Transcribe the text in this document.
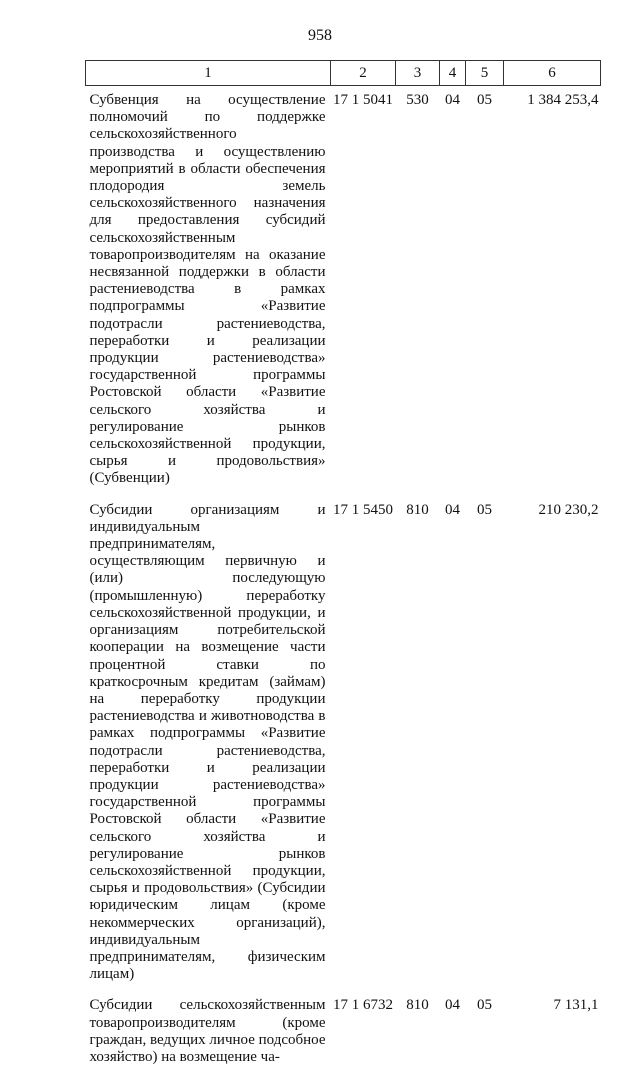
958
1	2	3	4	5	6
Субвенция на осуществление полномочий по поддержке сельскохозяйственного производства и осуществлению мероприятий в области обеспечения плодородия земель сельскохозяйственного назначения для предоставления субсидий сельскохозяйственным товаропроизводителям на оказание несвязанной поддержки в области растениеводства в рамках подпрограммы «Развитие подотрасли растениеводства, переработки и реализации продукции растениеводства» государственной программы Ростовской области «Развитие сельского хозяйства и регулирование рынков сельскохозяйственной продукции, сырья и продовольствия» (Субвенции)	17 1 5041	530	04	05	1 384 253,4
Субсидии организациям и индивидуальным предпринимателям, осуществляющим первичную и (или) последующую (промышленную) переработку сельскохозяйственной продукции, и организациям потребительской кооперации на возмещение части процентной ставки по краткосрочным кредитам (займам) на переработку продукции растениеводства и животноводства в рамках подпрограммы «Развитие подотрасли растениеводства, переработки и реализации продукции растениеводства» государственной программы Ростовской области «Развитие сельского хозяйства и регулирование рынков сельскохозяйственной продукции, сырья и продовольствия» (Субсидии юридическим лицам (кроме некоммерческих организаций), индивидуальным предпринимателям, физическим лицам)	17 1 5450	810	04	05	210 230,2
Субсидии сельскохозяйственным товаропроизводителям (кроме граждан, ведущих личное подсобное хозяйство) на возмещение ча-	17 1 6732	810	04	05	7 131,1
